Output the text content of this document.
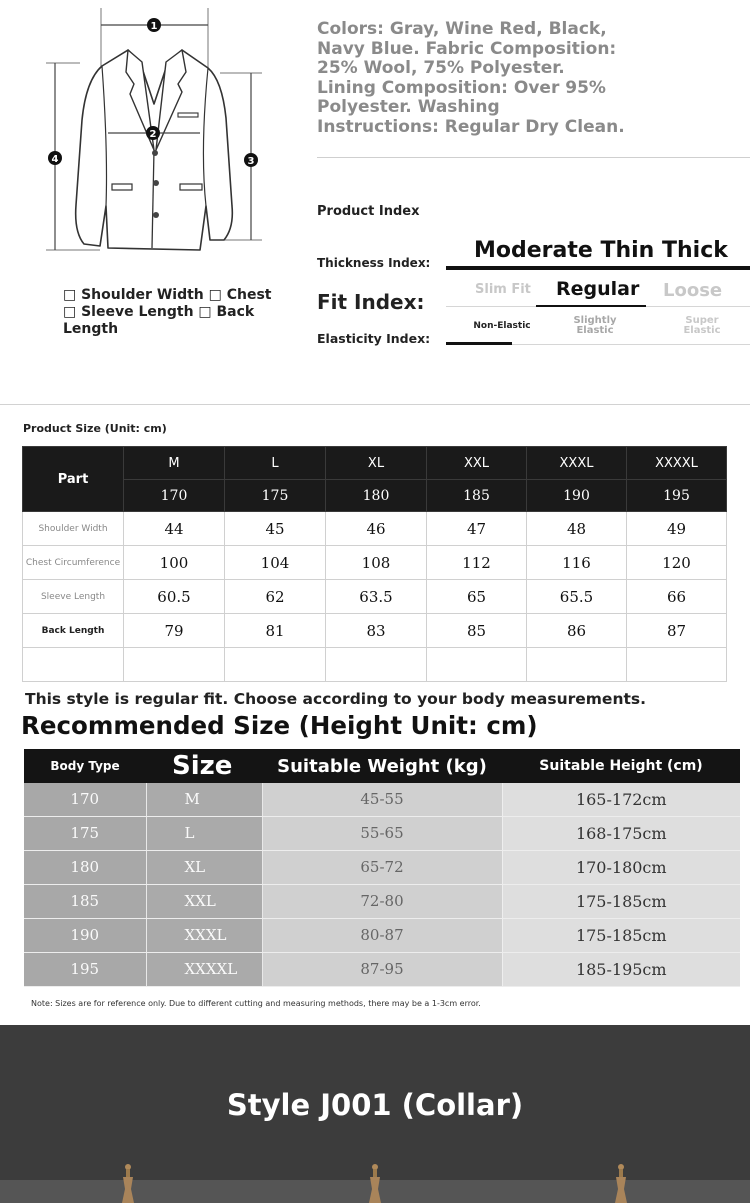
1
2
3
4
□ Shoulder Width □ Chest □ Sleeve Length □ Back Length
Colors: Gray, Wine Red, Black, Navy Blue. Fabric Composition: 25% Wool, 75% Polyester. Lining Composition: Over 95% Polyester. Washing Instructions: Regular Dry Clean.
Product Index
Thickness Index: Moderate Thin Thick
Fit Index:
Slim Fit Regular Loose
Elasticity Index:
Non-Elastic	Slightly Elastic
Super Elastic
Product Size (Unit: cm)
Part	M	L	XL	XXL	XXXL	XXXXL
	170	175	180	185	190	195
Shoulder Width	44	45	46	47	48	49
Chest Circumference	100	104	108	112	116	120
Sleeve Length	60.5	62	63.5	65	65.5	66
Back Length	79	81	83	85	86	87

This style is regular fit. Choose according to your body measurements.
Recommended Size (Height Unit: cm)
Body Type	Size	Suitable Weight (kg)	Suitable Height (cm)
170	M	45-55	165-172cm
175	L	55-65	168-175cm
180	XL	65-72	170-180cm
185	XXL	72-80	175-185cm
190	XXXL	80-87	175-185cm
195	XXXXL	87-95	185-195cm
Note: Sizes are for reference only. Due to different cutting and measuring methods, there may be a 1-3cm error.
Style J001 (Collar)
